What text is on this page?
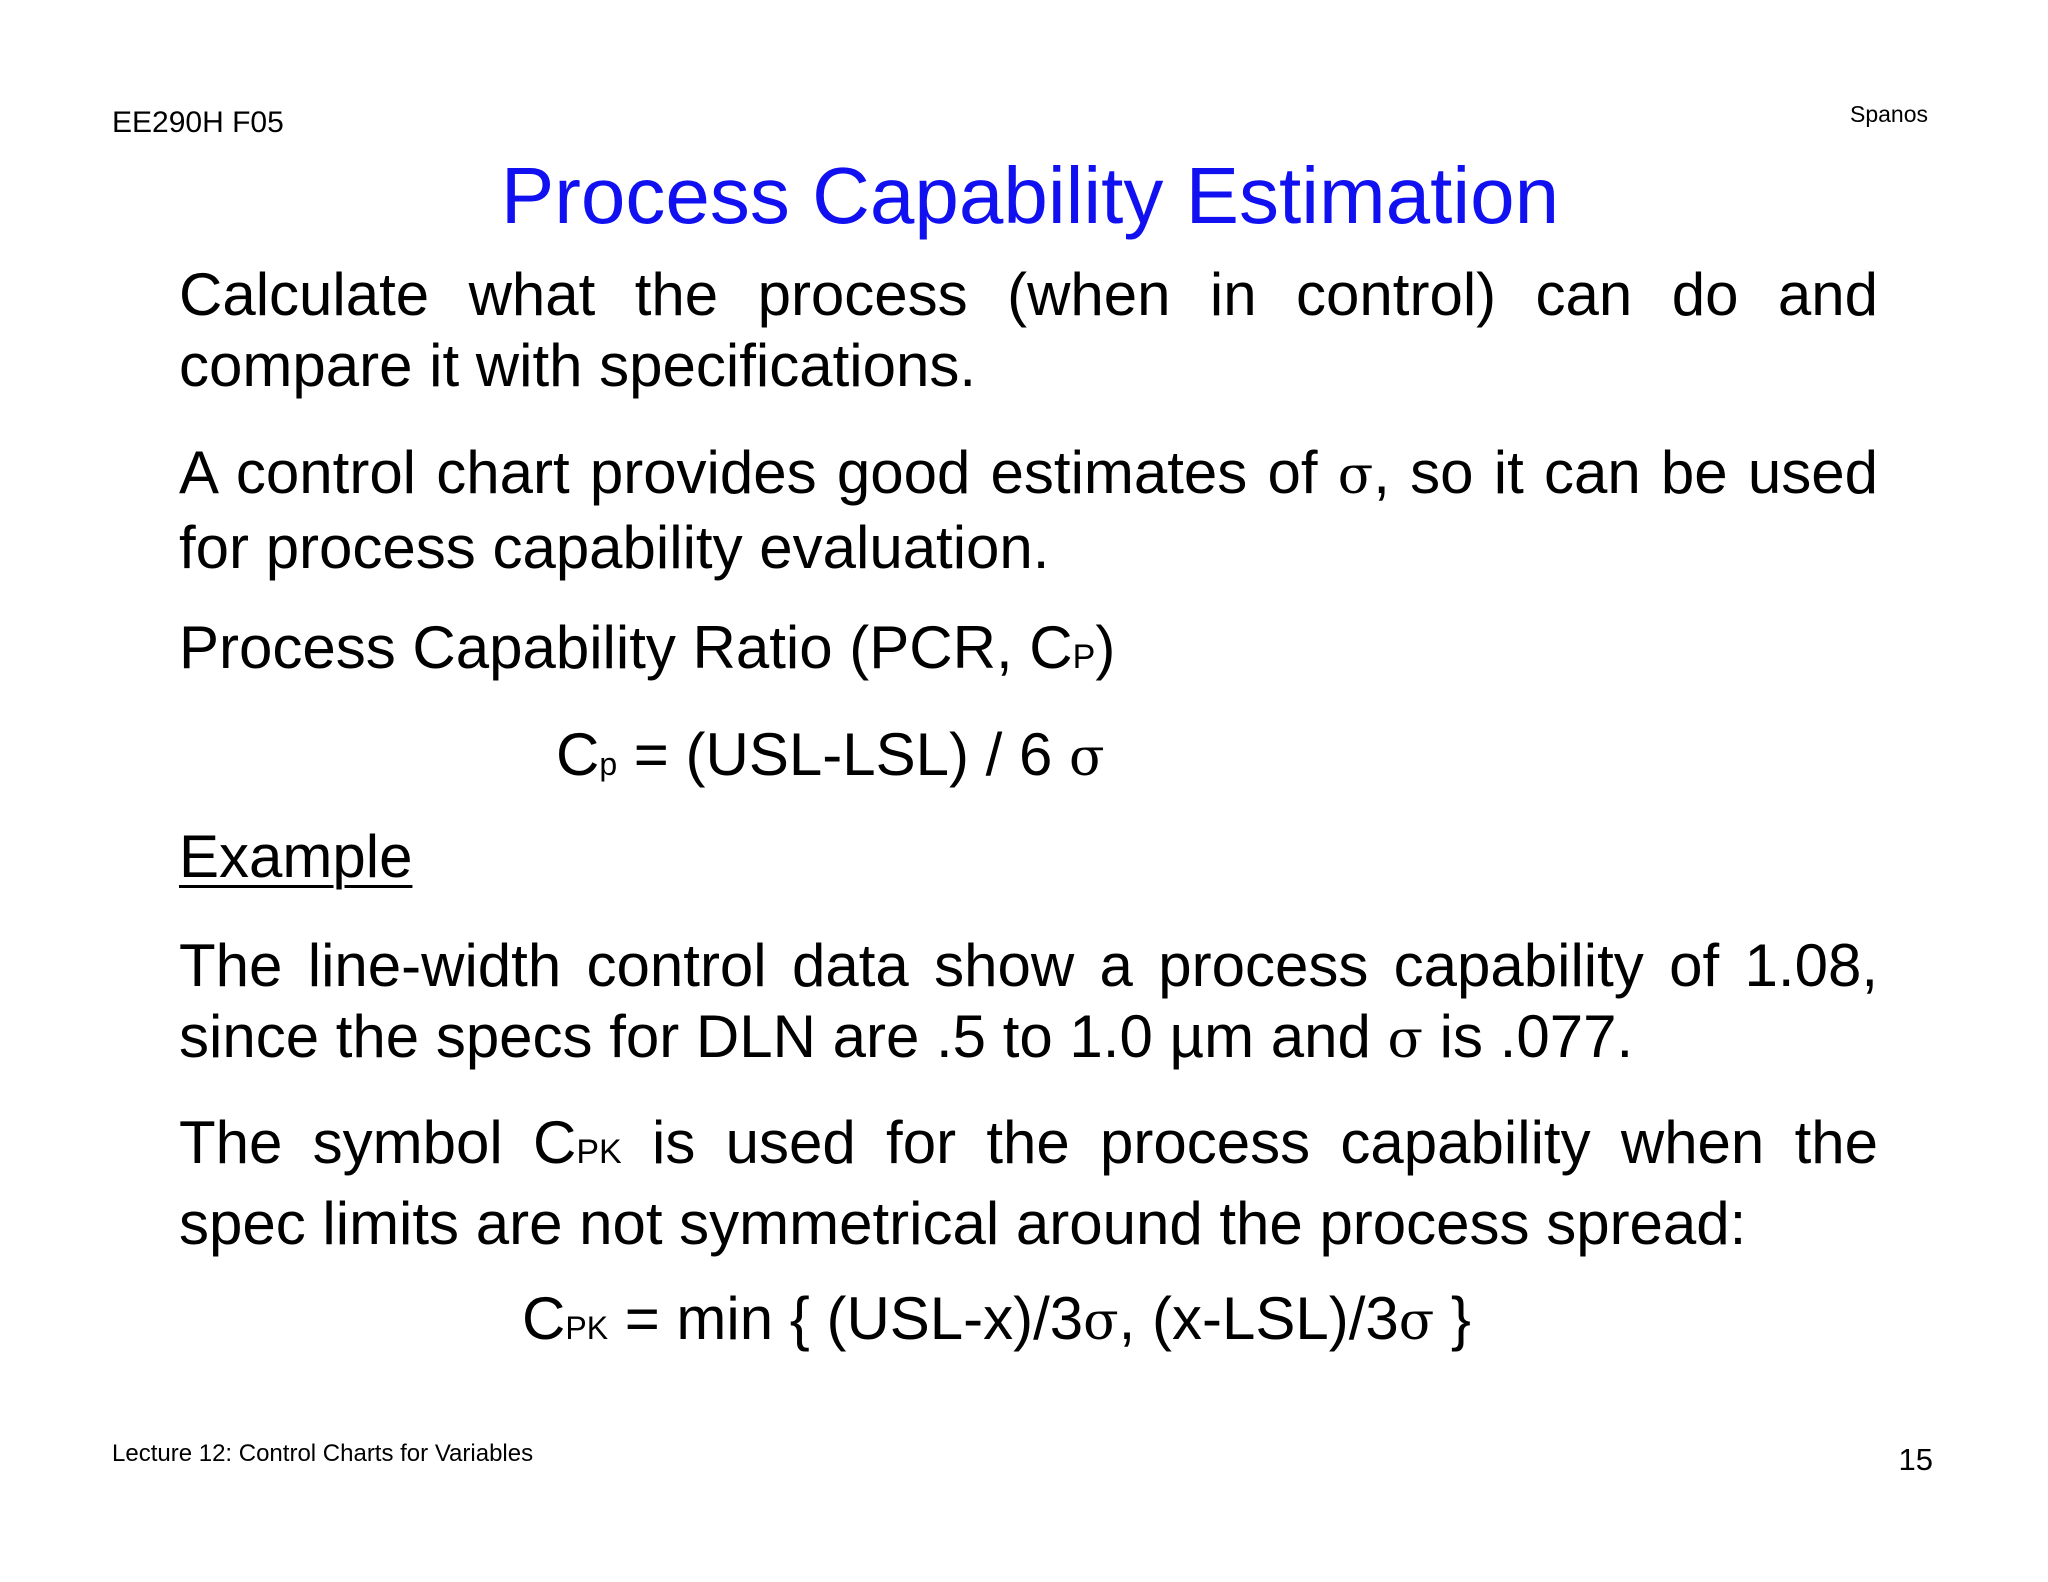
EE290H F05	Spanos
Process Capability Estimation
Calculate what the process (when in control) can do and compare it with specifications.
A control chart provides good estimates of σ, so it can be used for process capability evaluation.
Process Capability Ratio (PCR, CP)
Cp = (USL-LSL) / 6 σ
Example
The line-width control data show a process capability of 1.08, since the specs for DLN are .5 to 1.0 µm and σ is .077.
The symbol CPK is used for the process capability when the spec limits are not symmetrical around the process spread:
CPK = min { (USL-x)/3σ, (x-LSL)/3σ }
Lecture 12: Control Charts for Variables	15
